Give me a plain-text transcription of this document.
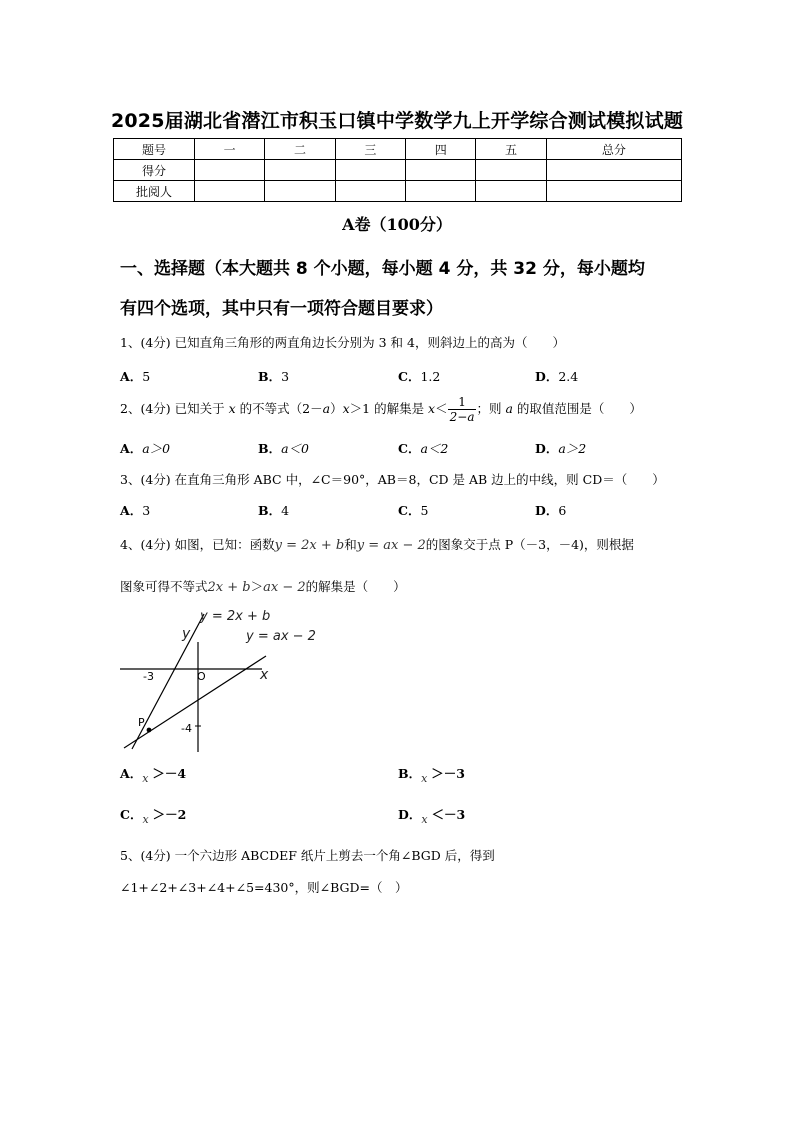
2025届湖北省潜江市积玉口镇中学数学九上开学综合测试模拟试题
题号	一	二	三	四	五	总分
得分						
批阅人						
A卷（100分）
一、选择题（本大题共 8 个小题，每小题 4 分，共 32 分，每小题均
有四个选项，其中只有一项符合题目要求）
1、(4分) 已知直角三角形的两直角边长分别为 3 和 4，则斜边上的高为（　　）
A．5	B．3	C．1.2	D．2.4
2、(4分) 已知关于 x 的不等式（2－a）x＞1 的解集是 $x< \frac{1}{2-a}$ ；则 a 的取值范围是（　　）
A．a＞0	B．a＜0	C．a＜2	D．a＞2
3、(4分) 在直角三角形 ABC 中，∠C＝90°，AB＝8，CD 是 AB 边上的中线，则 CD＝（　　）
A．3	B．4	C．5	D．6
4、(4分) 如图，已知：函数y = 2x + b和y = ax − 2的图象交于点 P（－3，－4)，则根据
图象可得不等式2x + b＞ax − 2的解集是（　　）
y = 2x + b
y = ax − 2
y
x
O
-3
-4
P
A．x ＞－4	B．x ＞－3
C．x ＞－2	D．x ＜－3
5、(4分) 一个六边形 ABCDEF 纸片上剪去一个角∠BGD 后，得到
∠1+∠2+∠3+∠4+∠5=430°，则∠BGD=（　）
